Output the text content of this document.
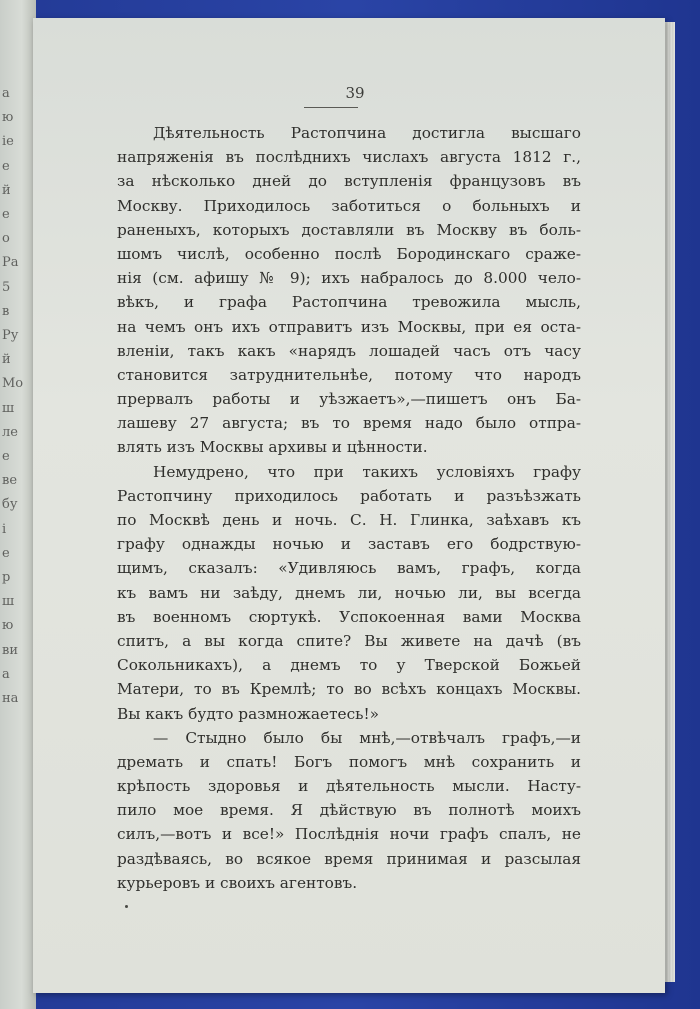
а
ю
іе
е
й
е
о
Ра
5
в
Ру
й
Мо
ш
ле
е
ве
бу
і
е
р
ш
ю
ви
а
на
39
Дѣятельность Растопчина достигла высшаго
напряженія въ послѣднихъ числахъ августа 1812 г.,
за нѣсколько дней до вступленія французовъ въ
Москву. Приходилось заботиться о больныхъ и
раненыхъ, которыхъ доставляли въ Москву въ боль-
шомъ числѣ, особенно послѣ Бородинскаго сраже-
нія (см. афишу № 9); ихъ набралось до 8.000 чело-
вѣкъ, и графа Растопчина тревожила мысль,
на чемъ онъ ихъ отправитъ изъ Москвы, при ея оста-
вленіи, такъ какъ «нарядъ лошадей часъ отъ часу
становится затруднительнѣе, потому что народъ
прервалъ работы и уѣзжаетъ»,—пишетъ онъ Ба-
лашеву 27 августа; въ то время надо было отпра-
влять изъ Москвы архивы и цѣнности.
Немудрено, что при такихъ условіяхъ графу
Растопчину приходилось работать и разъѣзжать
по Москвѣ день и ночь. С. Н. Глинка, заѣхавъ къ
графу однажды ночью и заставъ его бодрствую-
щимъ, сказалъ: «Удивляюсь вамъ, графъ, когда
къ вамъ ни заѣду, днемъ ли, ночью ли, вы всегда
въ военномъ сюртукѣ. Успокоенная вами Москва
спитъ, а вы когда спите? Вы живете на дачѣ (въ
Сокольникахъ), а днемъ то у Тверской Божьей
Матери, то въ Кремлѣ; то во всѣхъ концахъ Москвы.
Вы какъ будто размножаетесь!»
— Стыдно было бы мнѣ,—отвѣчалъ графъ,—и
дремать и спать! Богъ помогъ мнѣ сохранить и
крѣпость здоровья и дѣятельность мысли. Насту-
пило мое время. Я дѣйствую въ полнотѣ моихъ
силъ,—вотъ и все!» Послѣднія ночи графъ спалъ, не
раздѣваясь, во всякое время принимая и разсылая
курьеровъ и своихъ агентовъ.
